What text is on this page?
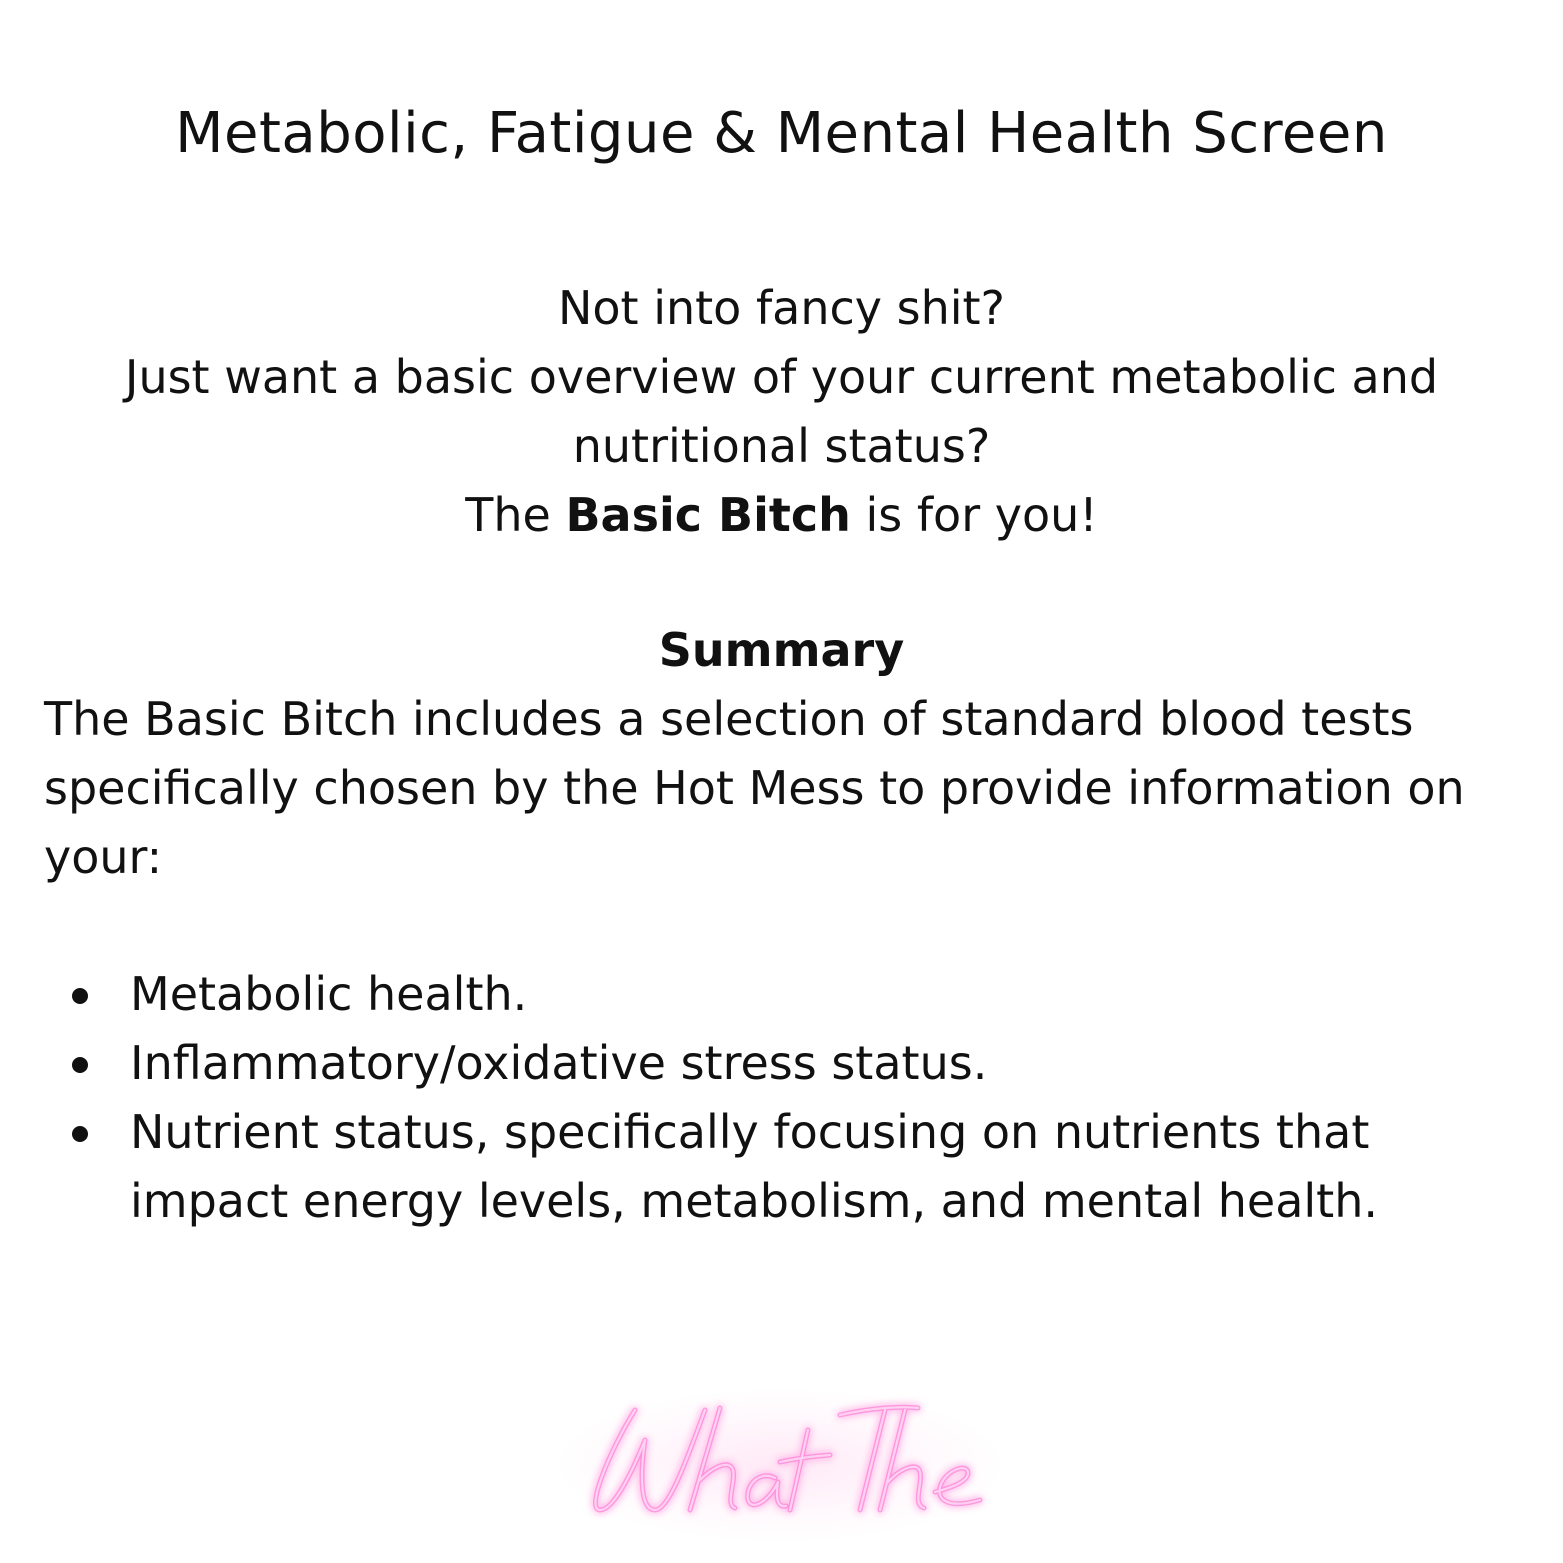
Metabolic, Fatigue & Mental Health Screen

Not into fancy shit?

Just want a basic overview of your current metabolic and nutritional status?

The Basic Bitch is for you!

Summary
The Basic Bitch includes a selection of standard blood tests specifically chosen by the Hot Mess to provide information on your:
Metabolic health.
Inflammatory/oxidative stress status.
Nutrient status, specifically focusing on nutrients that impact energy levels, metabolism, and mental health.
